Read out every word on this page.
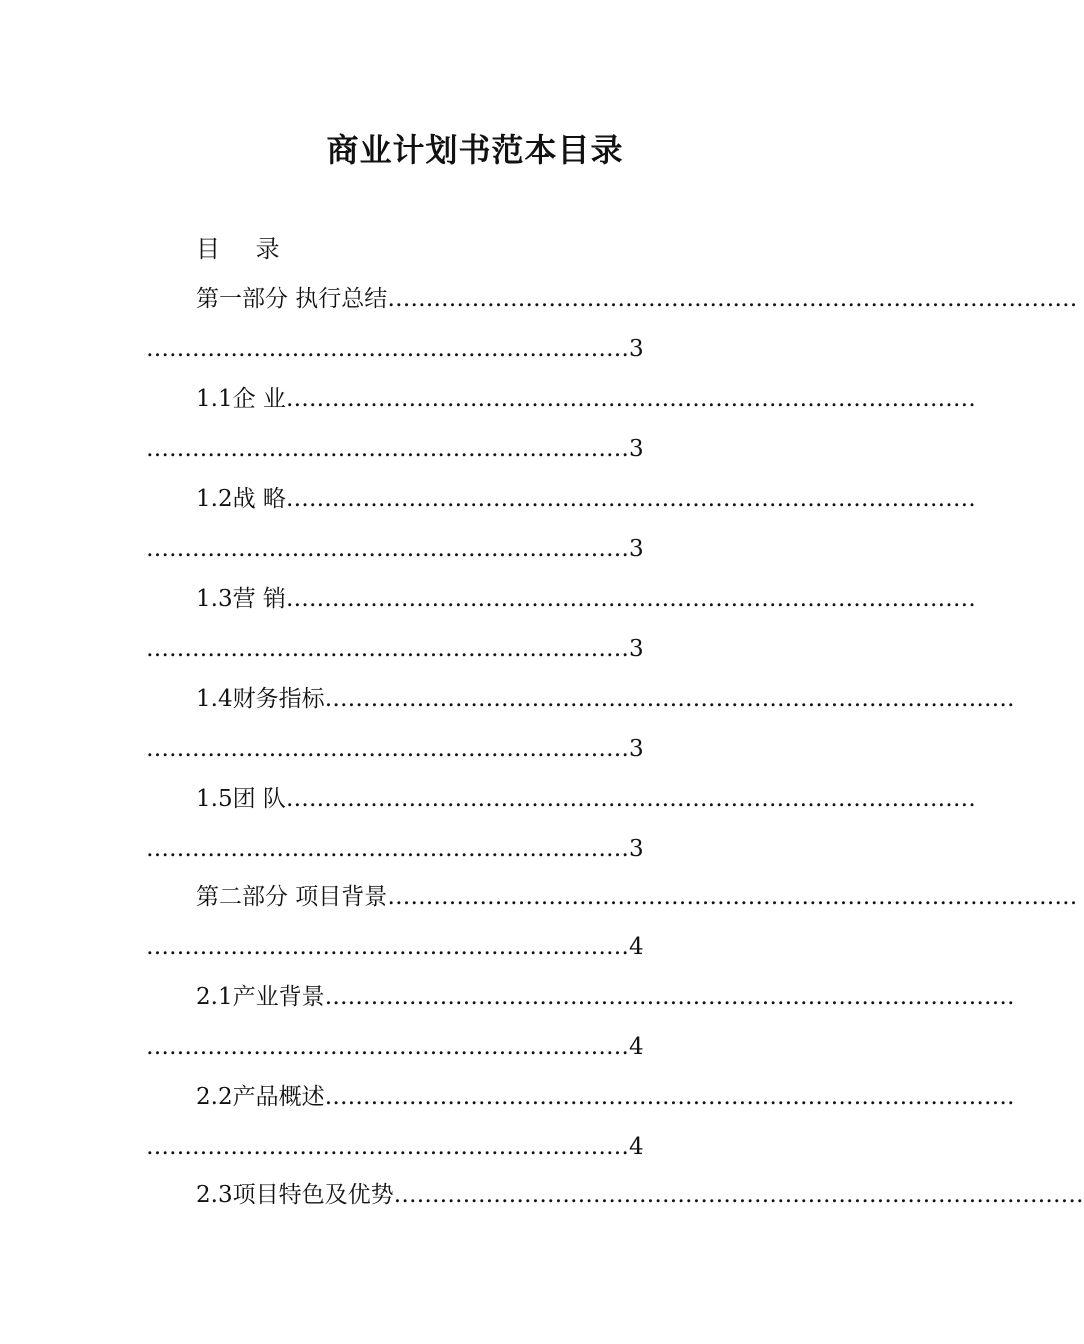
商业计划书范本目录
目 录
第一部分 执行总结 ………………………………………………………………………………
……………………………………………………… 3
1.1企 业 ………………………………………………………………………………
……………………………………………………… 3
1.2战 略 ………………………………………………………………………………
……………………………………………………… 3
1.3营 销 ………………………………………………………………………………
……………………………………………………… 3
1.4财务指标 ………………………………………………………………………………
……………………………………………………… 3
1.5团 队 ………………………………………………………………………………
……………………………………………………… 3
第二部分 项目背景 ………………………………………………………………………………
……………………………………………………… 4
2.1产业背景 ………………………………………………………………………………
……………………………………………………… 4
2.2产品概述 ………………………………………………………………………………
……………………………………………………… 4
2.3项目特色及优势 ………………………………………………………………………………
